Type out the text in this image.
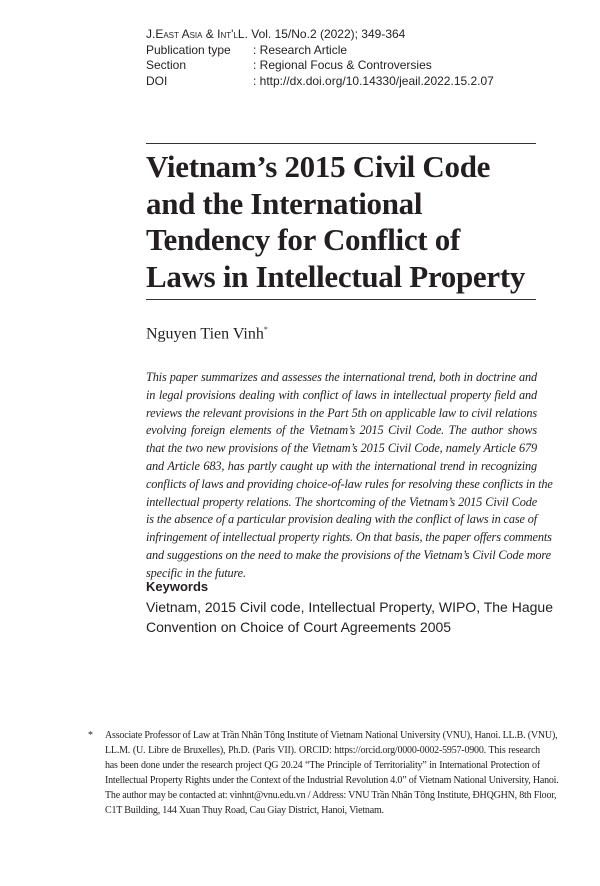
J. East Asia & Int'l L. Vol. 15/No.2 (2022); 349-364
Publication type	: Research Article
Section	: Regional Focus & Controversies
DOI	: http://dx.doi.org/10.14330/jeail.2022.15.2.07
Vietnam’s 2015 Civil Code
and the International
Tendency for Conflict of
Laws in Intellectual Property
Nguyen Tien Vinh*
This paper summarizes and assesses the international trend, both in doctrine and
in legal provisions dealing with conflict of laws in intellectual property field and
reviews the relevant provisions in the Part 5th on applicable law to civil relations
evolving foreign elements of the Vietnam’s 2015 Civil Code. The author shows
that the two new provisions of the Vietnam’s 2015 Civil Code, namely Article 679
and Article 683, has partly caught up with the international trend in recognizing
conflicts of laws and providing choice-of-law rules for resolving these conflicts in the
intellectual property relations. The shortcoming of the Vietnam’s 2015 Civil Code
is the absence of a particular provision dealing with the conflict of laws in case of
infringement of intellectual property rights. On that basis, the paper offers comments
and suggestions on the need to make the provisions of the Vietnam’s Civil Code more
specific in the future.
Keywords
Vietnam, 2015 Civil code, Intellectual Property, WIPO, The Hague
Convention on Choice of Court Agreements 2005
*	Associate Professor of Law at Trần Nhân Tông Institute of Vietnam National University (VNU), Hanoi. LL.B. (VNU),
LL.M. (U. Libre de Bruxelles), Ph.D. (Paris VII). ORCID: https://orcid.org/0000-0002-5957-0900. This research
has been done under the research project QG 20.24 “The Principle of Territoriality” in International Protection of
Intellectual Property Rights under the Context of the Industrial Revolution 4.0” of Vietnam National University, Hanoi.
The author may be contacted at: vinhnt@vnu.edu.vn / Address: VNU Trần Nhân Tông Institute, ĐHQGHN, 8th Floor,
C1T Building, 144 Xuan Thuy Road, Cau Giay District, Hanoi, Vietnam.
